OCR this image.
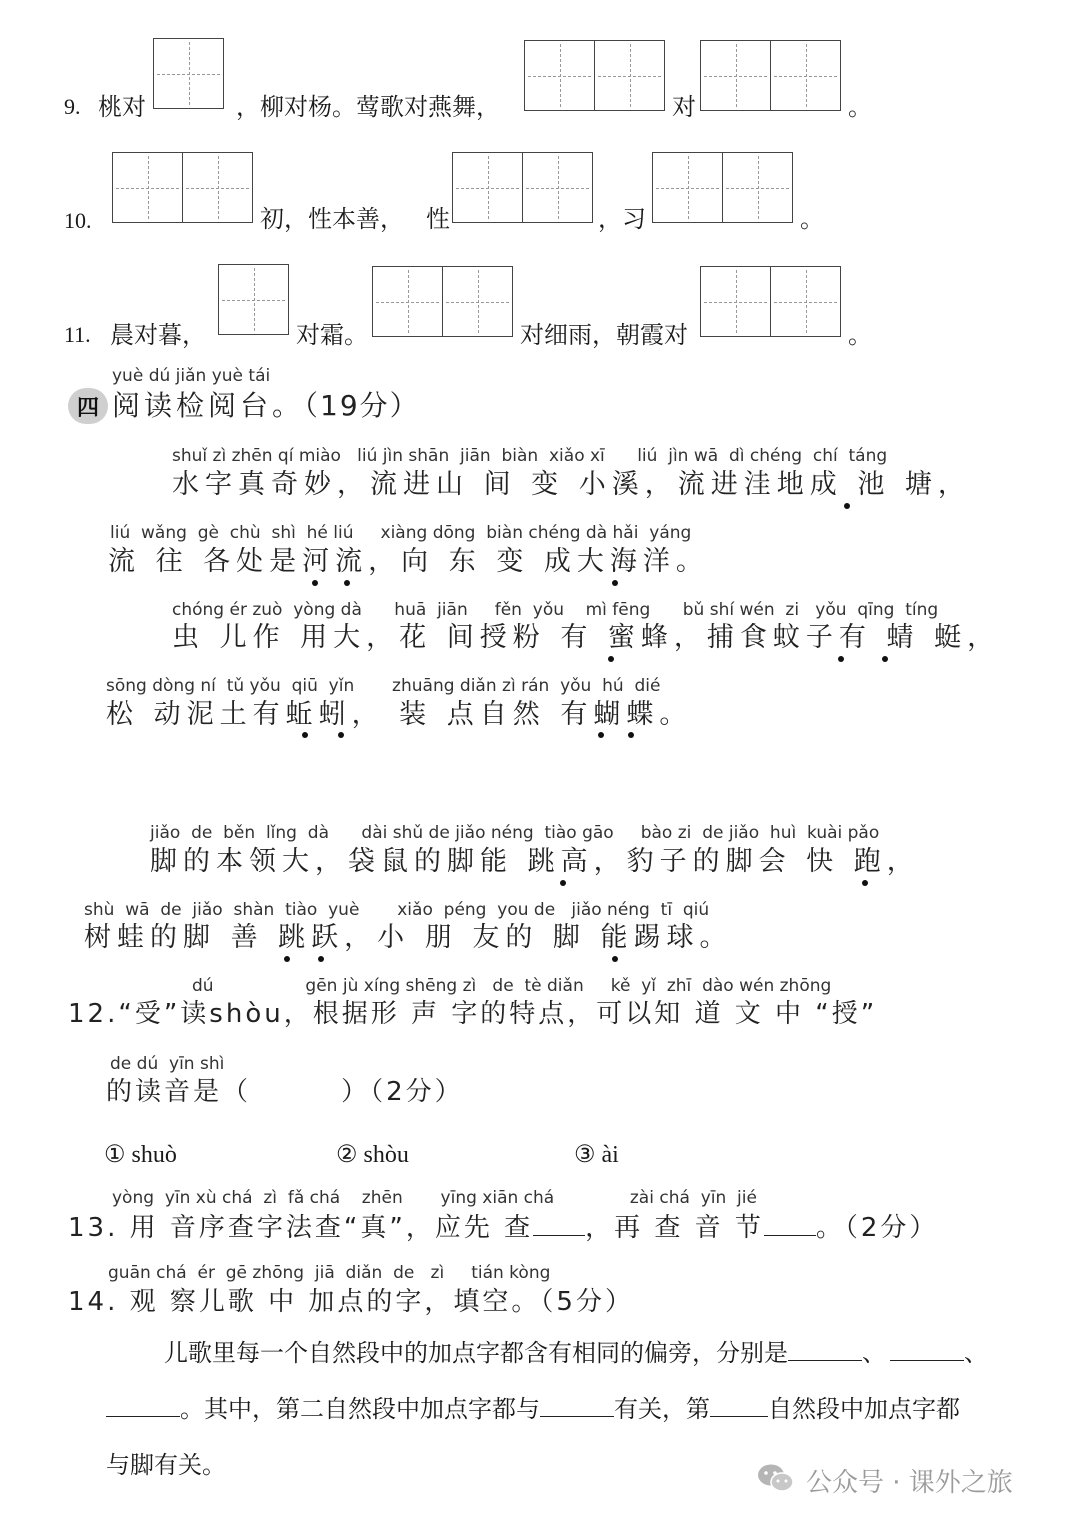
9. 桃对	，柳对杨。莺歌对燕舞，	对	。
10.	初，性本善， 性	，习	。
11. 晨对暮，	对霜。	对细雨，朝霞对	。
yuè dú jiǎn yuè tái
四 阅读检阅台。（19分）
shuǐ zì zhēn qí miào   liú jìn shān  jiān  biàn  xiǎo xī      liú  jìn wā  dì chéng  chí  táng
水字真奇妙，流进山 间 变 小溪，流进洼地成 池 塘，
liú  wǎng  gè  chù  shì  hé liú     xiàng dōng  biàn chéng dà hǎi  yáng
流 往 各处是河流，向 东 变 成大海洋。
chóng ér zuò  yòng dà      huā  jiān     fěn  yǒu    mì fēng      bǔ shí wén  zi   yǒu  qīng  tíng
虫 儿作 用大，花 间授粉 有 蜜蜂，捕食蚊子有 蜻 蜓，
sōng dòng ní  tǔ yǒu  qiū  yǐn       zhuāng diǎn zì rán  yǒu  hú  dié
松 动泥土有蚯蚓， 装 点自然 有蝴蝶。
jiǎo  de  běn  lǐng  dà      dài shǔ de jiǎo néng  tiào gāo     bào zi  de jiǎo  huì  kuài pǎo
脚的本领大，袋鼠的脚能 跳高，豹子的脚会 快 跑，
shù  wā  de  jiǎo  shàn  tiào  yuè       xiǎo  péng  you de   jiǎo néng  tī  qiú
树蛙的脚 善 跳跃，小 朋 友的 脚 能踢球。
dú                 gēn jù xíng shēng zì   de  tè diǎn     kě  yǐ  zhī  dào wén zhōng
12.“受”读shòu，根据形 声 字的特点，可以知 道 文 中 “授”
de dú  yīn shì
的读音是（        ）（2分）
① shuò	② shòu	③ ài
yòng  yīn xù chá  zì  fǎ chá    zhēn       yīng xiān chá              zài chá  yīn  jié
13. 用 音序查字法查“真”，应先 查 ，再 查 音 节 。（2分）
guān chá  ér  gē zhōng  jiā  diǎn  de   zì     tián kòng
14. 观 察儿歌 中 加点的字，填空。（5分）
儿歌里每一个自然段中的加点字都含有相同的偏旁，分别是	、	、
。其中，第二自然段中加点字都与	有关，第 自然段中加点字都
与脚有关。
公众号 · 课外之旅
